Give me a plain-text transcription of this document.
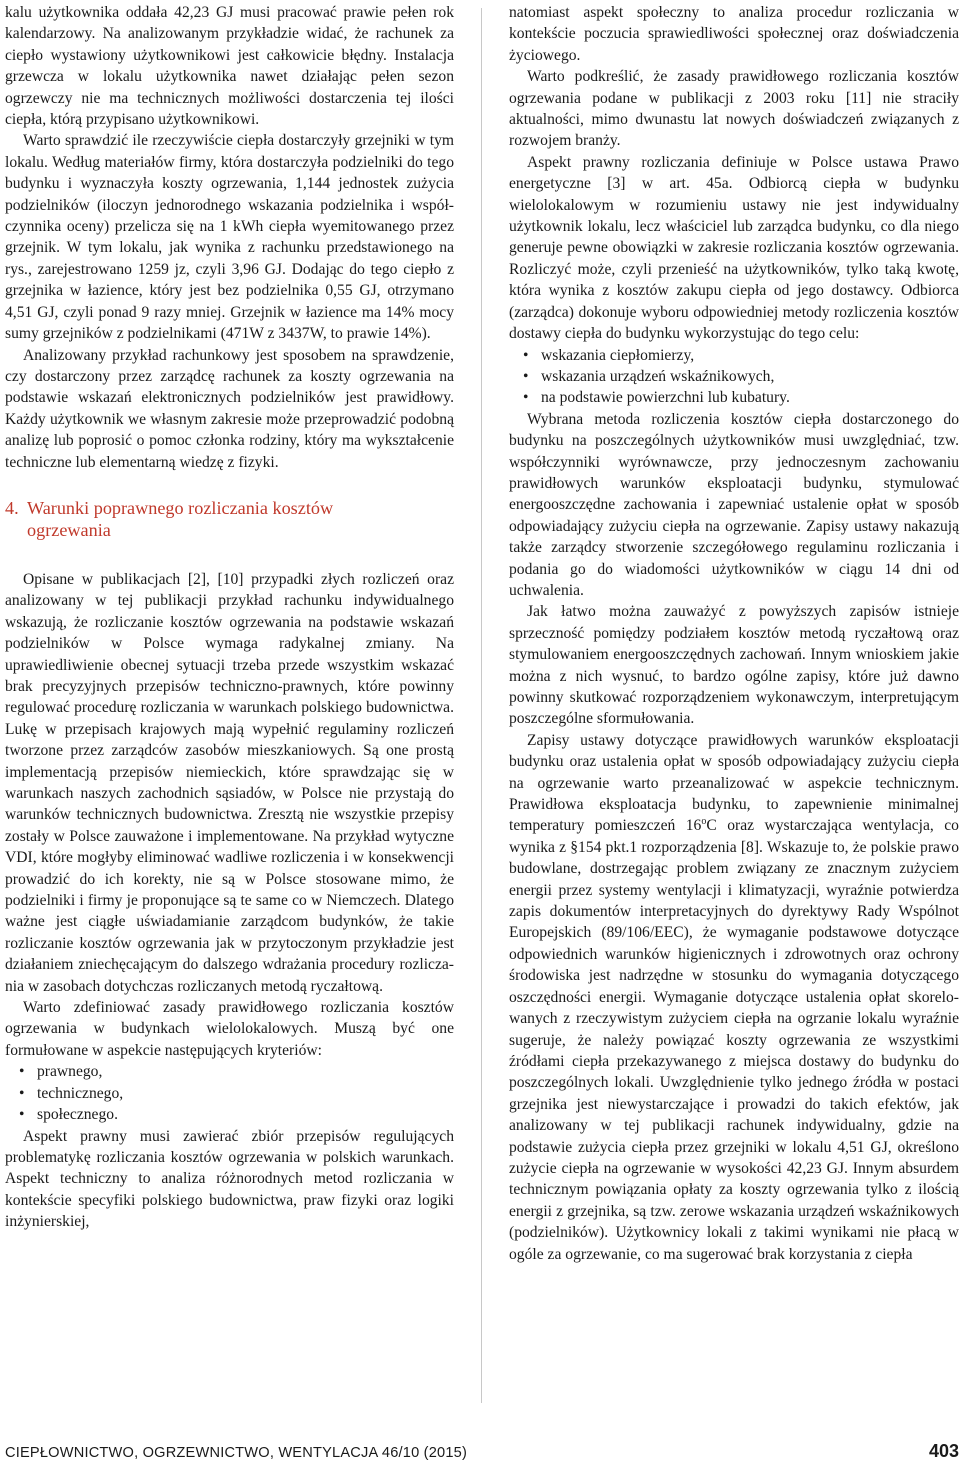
kalu użytkownika oddała 42,23 GJ musi pracować prawie pełen rok kalendarzowy. Na analizowanym przykładzie widać, że rachunek za ciepło wystawiony użytkownikowi jest całkowicie błędny. Instalacja grzewcza w lokalu użytkownika nawet działając pełen sezon ogrzewczy nie ma technicznych możliwości dostarczenia tej ilości ciepła, którą przypisano użytkownikowi.

Warto sprawdzić ile rzeczywiście ciepła dostarczyły grzejniki w tym lokalu. Według materiałów firmy, która dostarczyła podzielniki do tego budynku i wyznaczyła koszty ogrzewania, 1,144 jednostek zużycia podzielników (iloczyn jednorodnego wskazania podzielnika i współczynnika oceny) przelicza się na 1 kWh ciepła wyemitowanego przez grzejnik. W tym lokalu, jak wynika z rachunku przedstawionego na rys., zarejestrowano 1259 jz, czyli 3,96 GJ. Dodając do tego ciepło z grzejnika w łazience, który jest bez podzielnika 0,55 GJ, otrzymano 4,51 GJ, czyli ponad 9 razy mniej. Grzejnik w łazience ma 14% mocy sumy grzejników z podzielnikami (471W z 3437W, to prawie 14%).

Analizowany przykład rachunkowy jest sposobem na sprawdzenie, czy dostarczony przez zarządcę rachunek za koszty ogrzewania na podstawie wskazań elektronicznych podzielników jest prawidłowy. Każdy użytkownik we własnym zakresie może przeprowadzić podobną analizę lub poprosić o pomoc członka rodziny, który ma wykształcenie techniczne lub elementarną wiedzę z fizyki.

4. Warunki poprawnego rozliczania kosztów
ogrzewania

Opisane w publikacjach [2], [10] przypadki złych rozliczeń oraz analizowany w tej publikacji przykład rachunku indywidualnego wskazują, że rozliczanie kosztów ogrzewania na podstawie wskazań podzielników w Polsce wymaga radykalnej zmiany. Na uprawiedliwienie obecnej sytuacji trzeba przede wszystkim wskazać brak precyzyjnych przepisów techniczno-prawnych, które powinny regulować procedurę rozliczania w warunkach polskiego budownictwa. Lukę w przepisach krajowych mają wypełnić regulaminy rozliczeń tworzone przez zarządców zasobów mieszkaniowych. Są one prostą implementacją przepisów niemieckich, które sprawdzając się w warunkach naszych zachodnich sąsiadów, w Polsce nie przystają do warunków technicznych budownictwa. Zresztą nie wszystkie przepisy zostały w Polsce zauważone i implementowane. Na przykład wytyczne VDI, które mogłyby eliminować wadliwe rozliczenia i w konsekwencji prowadzić do ich korekty, nie są w Polsce stosowane mimo, że podzielniki i firmy je proponujące są te same co w Niemczech. Dlatego ważne jest ciągłe uświadamianie zarządcom budynków, że takie rozliczanie kosztów ogrzewania jak w przytoczonym przykładzie jest działaniem zniechęcającym do dalszego wdrażania procedury rozliczania w zasobach dotychczas rozliczanych metodą ryczałtową.

Warto zdefiniować zasady prawidłowego rozliczania kosztów ogrzewania w budynkach wielolokalowych. Muszą być one formułowane w aspekcie następujących kryteriów:

• prawnego,
• technicznego,
• społecznego.

Aspekt prawny musi zawierać zbiór przepisów regulujących problematykę rozliczania kosztów ogrzewania w polskich warunkach. Aspekt techniczny to analiza różnorodnych metod rozliczania w kontekście specyfiki polskiego budownictwa, praw fizyki oraz logiki inżynierskiej,

natomiast aspekt społeczny to analiza procedur rozliczania w kontekście poczucia sprawiedliwości społecznej oraz doświadczenia życiowego.

Warto podkreślić, że zasady prawidłowego rozliczania kosztów ogrzewania podane w publikacji z 2003 roku [11] nie straciły aktualności, mimo dwunastu lat nowych doświadczeń związanych z rozwojem branży.

Aspekt prawny rozliczania definiuje w Polsce ustawa Prawo energetyczne [3] w art. 45a. Odbiorcą ciepła w budynku wielolokalowym w rozumieniu ustawy nie jest indywidualny użytkownik lokalu, lecz właściciel lub zarządca budynku, co dla niego generuje pewne obowiązki w zakresie rozliczania kosztów ogrzewania. Rozliczyć może, czyli przenieść na użytkowników, tylko taką kwotę, która wynika z kosztów zakupu ciepła od jego dostawcy. Odbiorca (zarządca) dokonuje wyboru odpowiedniej metody rozliczenia kosztów dostawy ciepła do budynku wykorzystując do tego celu:

• wskazania ciepłomierzy,
• wskazania urządzeń wskaźnikowych,
• na podstawie powierzchni lub kubatury.

Wybrana metoda rozliczenia kosztów ciepła dostarczonego do budynku na poszczególnych użytkowników musi uwzględniać, tzw. współczynniki wyrównawcze, przy jednoczesnym zachowaniu prawidłowych warunków eksploatacji budynku, stymulować energooszczędne zachowania i zapewniać ustalenie opłat w sposób odpowiadający zużyciu ciepła na ogrzewanie. Zapisy ustawy nakazują także zarządcy stworzenie szczegółowego regulaminu rozliczania i podania go do wiadomości użytkowników w ciągu 14 dni od uchwalenia.

Jak łatwo można zauważyć z powyższych zapisów istnieje sprzeczność pomiędzy podziałem kosztów metodą ryczałtową oraz stymulowaniem energooszczędnych zachowań. Innym wnioskiem jakie można z nich wysnuć, to bardzo ogólne zapisy, które już dawno powinny skutkować rozporządzeniem wykonawczym, interpretującym poszczególne sformułowania.

Zapisy ustawy dotyczące prawidłowych warunków eksploatacji budynku oraz ustalenia opłat w sposób odpowiadający zużyciu ciepła na ogrzewanie warto przeanalizować w aspekcie technicznym. Prawidłowa eksploatacja budynku, to zapewnienie minimalnej temperatury pomieszczeń 16$^o$C oraz wystarczająca wentylacja, co wynika z §154 pkt.1 rozporządzenia [8]. Wskazuje to, że polskie prawo budowlane, dostrzegając problem związany ze znacznym zużyciem energii przez systemy wentylacji i klimatyzacji, wyraźnie potwierdza zapis dokumentów interpretacyjnych do dyrektywy Rady Wspólnot Europejskich (89/106/EEC), że wymaganie podstawowe dotyczące odpowiednich warunków higienicznych i zdrowotnych oraz ochrony środowiska jest nadrzędne w stosunku do wymagania dotyczącego oszczędności energii. Wymaganie dotyczące ustalenia opłat skorelowanych z rzeczywistym zużyciem ciepła na ogrzanie lokalu wyraźnie sugeruje, że należy powiązać koszty ogrzewania ze wszystkimi źródłami ciepła przekazywanego z miejsca dostawy do budynku do poszczególnych lokali. Uwzględnienie tylko jednego źródła w postaci grzejnika jest niewystarczające i prowadzi do takich efektów, jak analizowany w tej publikacji rachunek indywidualny, gdzie na podstawie zużycia ciepła przez grzejniki w lokalu 4,51 GJ, określono zużycie ciepła na ogrzewanie w wysokości 42,23 GJ. Innym absurdem technicznym powiązania opłaty za koszty ogrzewania tylko z ilością energii z grzejnika, są tzw. zerowe wskazania urządzeń wskaźnikowych (podzielników). Użytkownicy lokali z takimi wynikami nie płacą w ogóle za ogrzewanie, co ma sugerować brak korzystania z ciepła

CIEPŁOWNICTWO, OGRZEWNICTWO, WENTYLACJA 46/10 (2015)	403
